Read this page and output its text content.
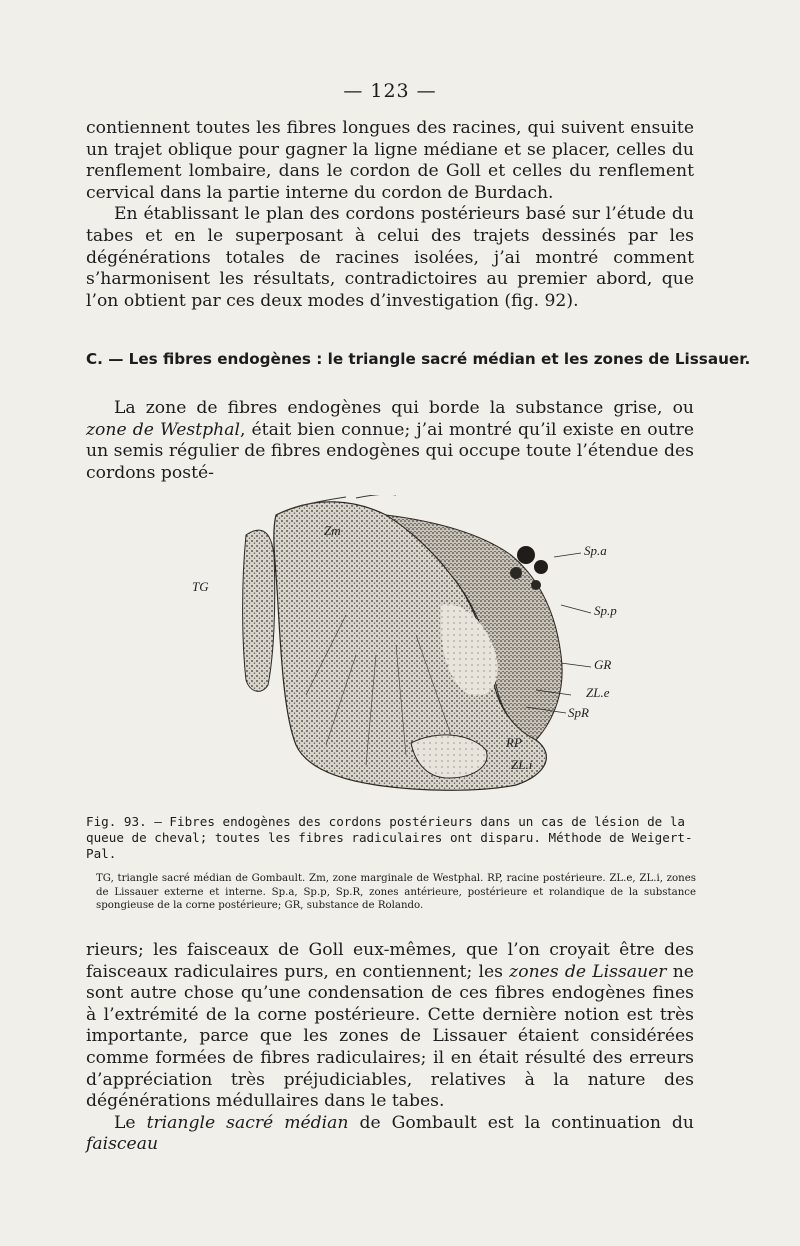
— 123 —

contiennent toutes les fibres longues des racines, qui suivent ensuite un trajet oblique pour gagner la ligne médiane et se placer, celles du renflement lombaire, dans le cordon de Goll et celles du renflement cervical dans la partie interne du cordon de Burdach.

En établissant le plan des cordons postérieurs basé sur l’étude du tabes et en le superposant à celui des trajets dessinés par les dégénérations totales de racines isolées, j’ai montré comment s’harmonisent les résultats, contradictoires au premier abord, que l’on obtient par ces deux modes d’investigation (fig. 92).

C. — Les fibres endogènes : le triangle sacré médian et les zones de Lissauer.

La zone de fibres endogènes qui borde la substance grise, ou zone de Westphal, était bien connue; j’ai montré qu’il existe en outre un semis régulier de fibres endogènes qui occupe toute l’étendue des cordons posté-

Zm
TG
Sp.a
Sp.p
GR
ZL.e
SpR
RP
ZL.i
Fig. 93. — Fibres endogènes des cordons postérieurs dans un cas de lésion de la queue de cheval; toutes les fibres radiculaires ont disparu. Méthode de Weigert-Pal.
TG, triangle sacré médian de Gombault. Zm, zone marginale de Westphal. RP, racine postérieure. ZL.e, ZL.i, zones de Lissauer externe et interne. Sp.a, Sp.p, Sp.R, zones antérieure, postérieure et rolandique de la substance spongieuse de la corne postérieure; GR, substance de Rolando.

rieurs; les faisceaux de Goll eux-mêmes, que l’on croyait être des faisceaux radiculaires purs, en contiennent; les zones de Lissauer ne sont autre chose qu’une condensation de ces fibres endogènes fines à l’extrémité de la corne postérieure. Cette dernière notion est très importante, parce que les zones de Lissauer étaient considérées comme formées de fibres radiculaires; il en était résulté des erreurs d’appréciation très préjudiciables, relatives à la nature des dégénérations médullaires dans le tabes.

Le triangle sacré médian de Gombault est la continuation du faisceau
